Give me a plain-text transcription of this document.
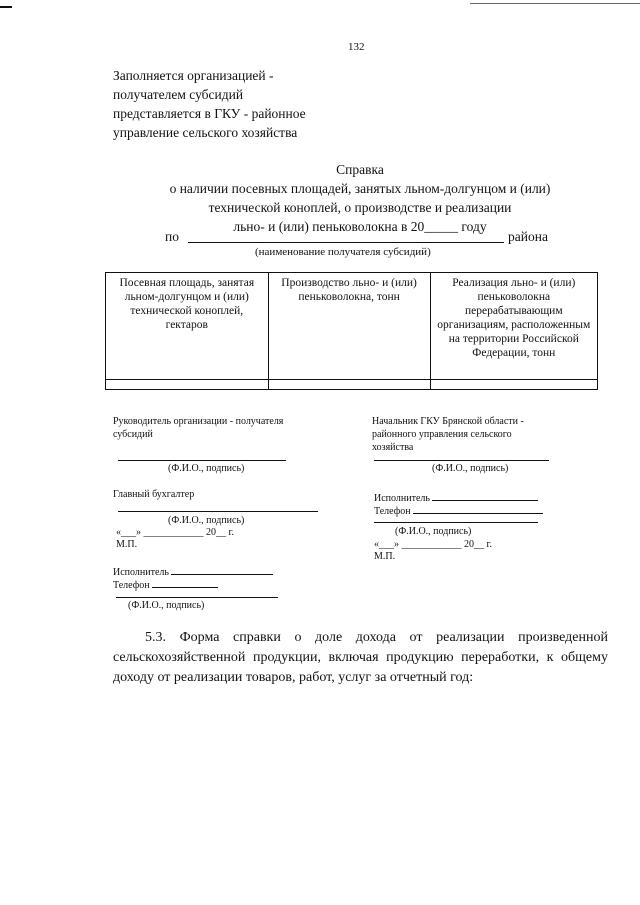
132
Заполняется организацией -
получателем субсидий
представляется в ГКУ - районное
управление сельского хозяйства
Справка
о наличии посевных площадей, занятых льном-долгунцом и (или)
технической коноплей, о производстве и реализации
льно- и (или) пеньковолокна в 20_____ году
по	района
(наименование получателя субсидий)
Посевная площадь, занятая льном-долгунцом и (или) технической коноплей, гектаров	Производство льно- и (или) пеньковолокна, тонн	Реализация льно- и (или) пеньковолокна перерабатывающим организациям, расположенным на территории Российской Федерации, тонн

Руководитель организации - получателя субсидий
(Ф.И.О., подпись)
Главный бухгалтер
(Ф.И.О., подпись)
«___» ____________ 20__ г.
М.П.
Исполнитель
Телефон
(Ф.И.О., подпись)
Начальник ГКУ Брянской области - районного управления сельского хозяйства
(Ф.И.О., подпись)
Исполнитель
Телефон
(Ф.И.О., подпись)
«___» ____________ 20__ г.
М.П.
5.3. Форма справки о доле дохода от реализации произведенной сельскохозяйственной продукции, включая продукцию переработки, к общему доходу от реализации товаров, работ, услуг за отчетный год:
